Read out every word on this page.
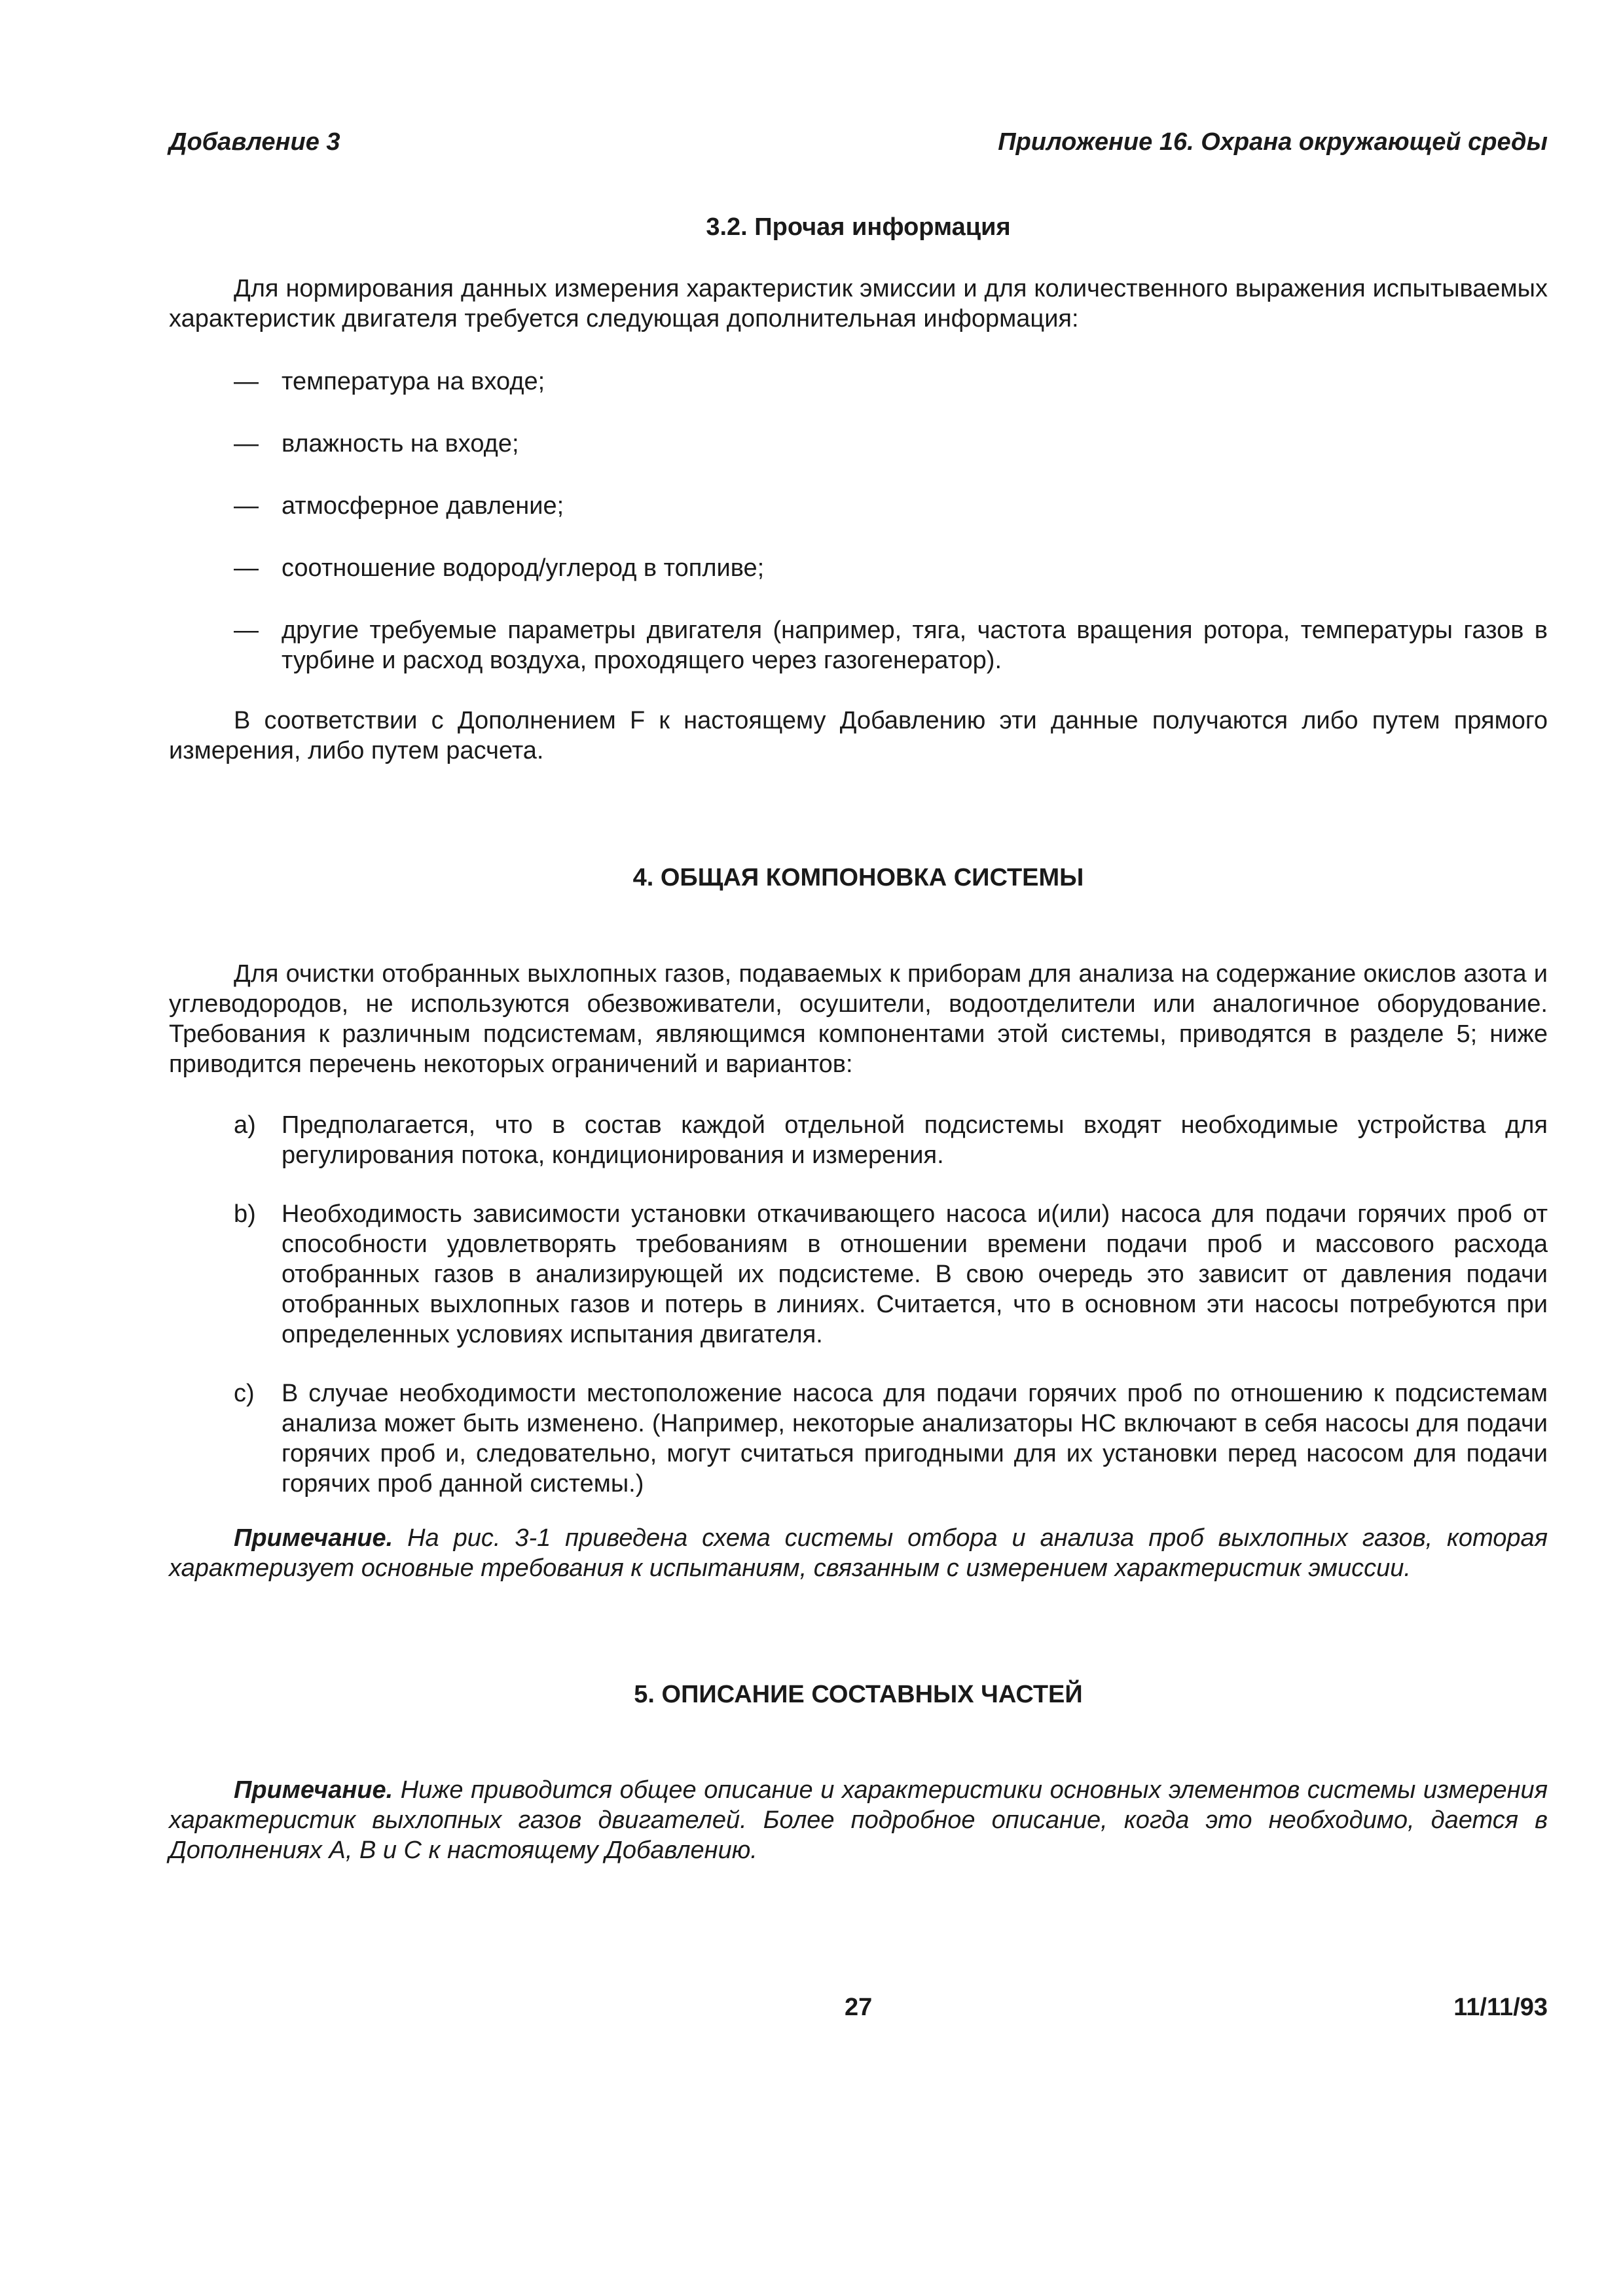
Добавление 3	Приложение 16. Охрана окружающей среды
3.2. Прочая информация

Для нормирования данных измерения характеристик эмиссии и для количественного выражения испытываемых характеристик двигателя требуется следующая дополнительная информация:

— температура на входе;

— влажность на входе;

— атмосферное давление;

— соотношение водород/углерод в топливе;

— другие требуемые параметры двигателя (например, тяга, частота вращения ротора, температуры газов в турбине и расход воздуха, проходящего через газогенератор).

В соответствии с Дополнением F к настоящему Добавлению эти данные получаются либо путем прямого измерения, либо путем расчета.

4. ОБЩАЯ КОМПОНОВКА СИСТЕМЫ

Для очистки отобранных выхлопных газов, подаваемых к приборам для анализа на содержание окислов азота и углеводородов, не используются обезвоживатели, осушители, водоотделители или аналогичное оборудование. Требования к различным подсистемам, являющимся компонентами этой системы, приводятся в разделе 5; ниже приводится перечень некоторых ограничений и вариантов:

a) Предполагается, что в состав каждой отдельной подсистемы входят необходимые устройства для регулирования потока, кондиционирования и измерения.

b) Необходимость зависимости установки откачивающего насоса и(или) насоса для подачи горячих проб от способности удовлетворять требованиям в отношении времени подачи проб и массового расхода отобранных газов в анализирующей их подсистеме. В свою очередь это зависит от давления подачи отобранных выхлопных газов и потерь в линиях. Считается, что в основном эти насосы потребуются при определенных условиях испытания двигателя.

c) В случае необходимости местоположение насоса для подачи горячих проб по отношению к подсистемам анализа может быть изменено. (Например, некоторые анализаторы НС включают в себя насосы для подачи горячих проб и, следовательно, могут считаться пригодными для их установки перед насосом для подачи горячих проб данной системы.)

Примечание. На рис. 3-1 приведена схема системы отбора и анализа проб выхлопных газов, которая характеризует основные требования к испытаниям, связанным с измерением характеристик эмиссии.

5. ОПИСАНИЕ СОСТАВНЫХ ЧАСТЕЙ

Примечание. Ниже приводится общее описание и характеристики основных элементов системы измерения характеристик выхлопных газов двигателей. Более подробное описание, когда это необходимо, дается в Дополнениях А, В и С к настоящему Добавлению.

27	11/11/93
